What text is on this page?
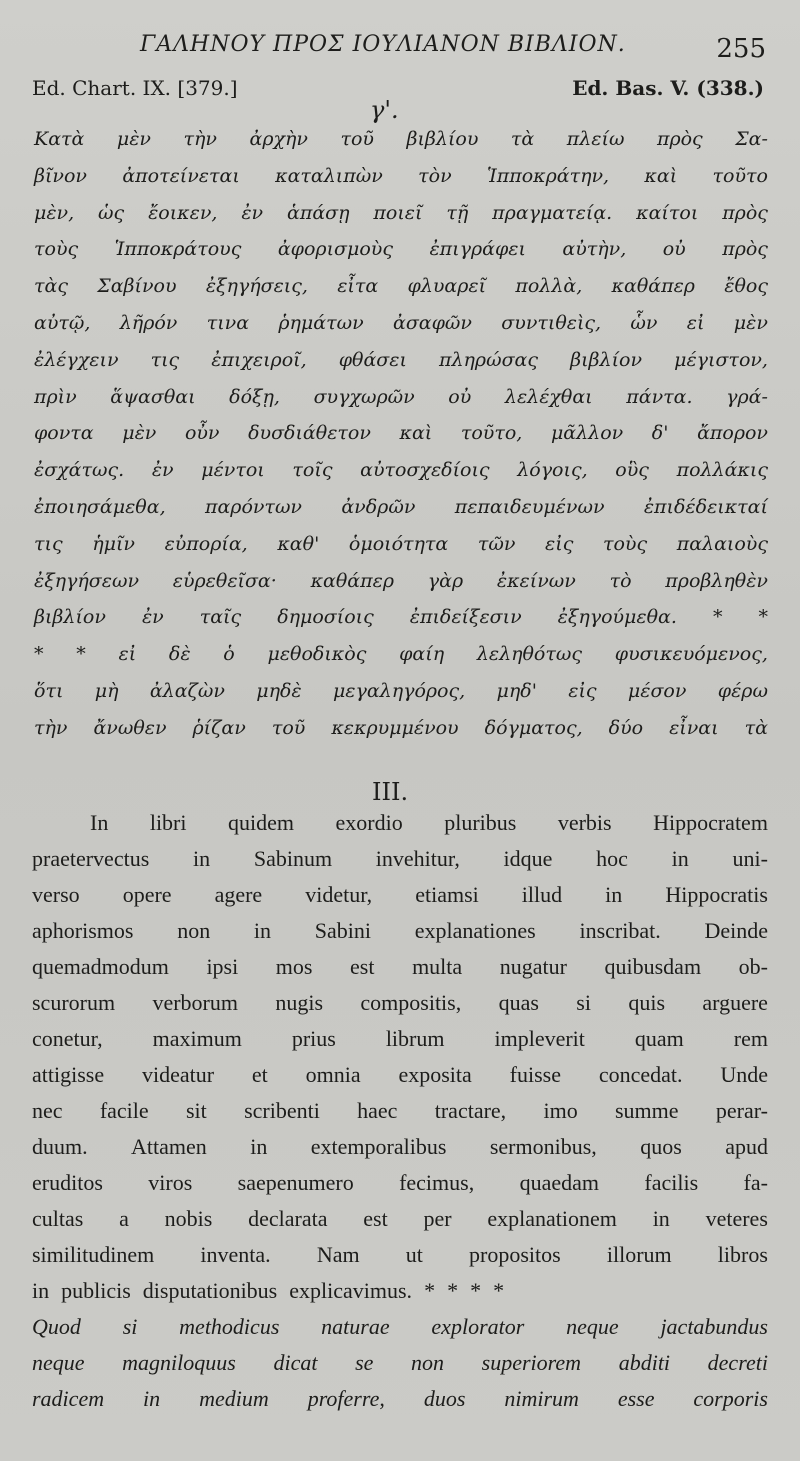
ΓΑΛΗΝΟΥ ΠΡΟΣ ΙΟΥΛΙΑΝΟΝ ΒΙΒΛΙΟΝ.	255
Ed. Chart. IX. [379.]	Ed. Bas. V. (338.)
γ'.
Κατὰ μὲν τὴν ἀρχὴν τοῦ βιβλίου τὰ πλείω πρὸς Σα-
βῖνον ἀποτείνεται καταλιπὼν τὸν Ἱπποκράτην, καὶ τοῦτο
μὲν, ὡς ἔοικεν, ἐν ἁπάσῃ ποιεῖ τῇ πραγματείᾳ. καίτοι πρὸς
τοὺς Ἱπποκράτους ἀφορισμοὺς ἐπιγράφει αὐτὴν, οὐ πρὸς
τὰς Σαβίνου ἐξηγήσεις, εἶτα φλυαρεῖ πολλὰ, καθάπερ ἔθος
αὐτῷ, λῆρόν τινα ῥημάτων ἀσαφῶν συντιθεὶς, ὧν εἰ μὲν
ἐλέγχειν τις ἐπιχειροῖ, φθάσει πληρώσας βιβλίον μέγιστον,
πρὶν ἅψασθαι δόξῃ, συγχωρῶν οὐ λελέχθαι πάντα. γρά-
φοντα μὲν οὖν δυσδιάθετον καὶ τοῦτο, μᾶλλον δ' ἄπορον
ἐσχάτως. ἐν μέντοι τοῖς αὐτοσχεδίοις λόγοις, οὓς πολλάκις
ἐποιησάμεθα, παρόντων ἀνδρῶν πεπαιδευμένων ἐπιδέδεικταί
τις ἡμῖν εὐπορία, καθ' ὁμοιότητα τῶν εἰς τοὺς παλαιοὺς
ἐξηγήσεων εὑρεθεῖσα· καθάπερ γὰρ ἐκείνων τὸ προβληθὲν
βιβλίον ἐν ταῖς δημοσίοις ἐπιδείξεσιν ἐξηγούμεθα. * *
* * εἰ δὲ ὁ μεθοδικὸς φαίη λεληθότως φυσικευόμενος,
ὅτι μὴ ἀλαζὼν μηδὲ μεγαληγόρος, μηδ' εἰς μέσον φέρω
τὴν ἄνωθεν ῥίζαν τοῦ κεκρυμμένου δόγματος, δύο εἶναι τὰ
III.
In libri quidem exordio pluribus verbis Hippocratem
praetervectus in Sabinum invehitur, idque hoc in uni-
verso opere agere videtur, etiamsi illud in Hippocratis
aphorismos non in Sabini explanationes inscribat. Deinde
quemadmodum ipsi mos est multa nugatur quibusdam ob-
scurorum verborum nugis compositis, quas si quis arguere
conetur, maximum prius librum impleverit quam rem
attigisse videatur et omnia exposita fuisse concedat. Unde
nec facile sit scribenti haec tractare, imo summe perar-
duum. Attamen in extemporalibus sermonibus, quos apud
eruditos viros saepenumero fecimus, quaedam facilis fa-
cultas a nobis declarata est per explanationem in veteres
similitudinem inventa. Nam ut propositos illorum libros
in publicis disputationibus explicavimus. * * * *
Quod si methodicus naturae explorator neque jactabundus
neque magniloquus dicat se non superiorem abditi decreti
radicem in medium proferre, duos nimirum esse corporis
